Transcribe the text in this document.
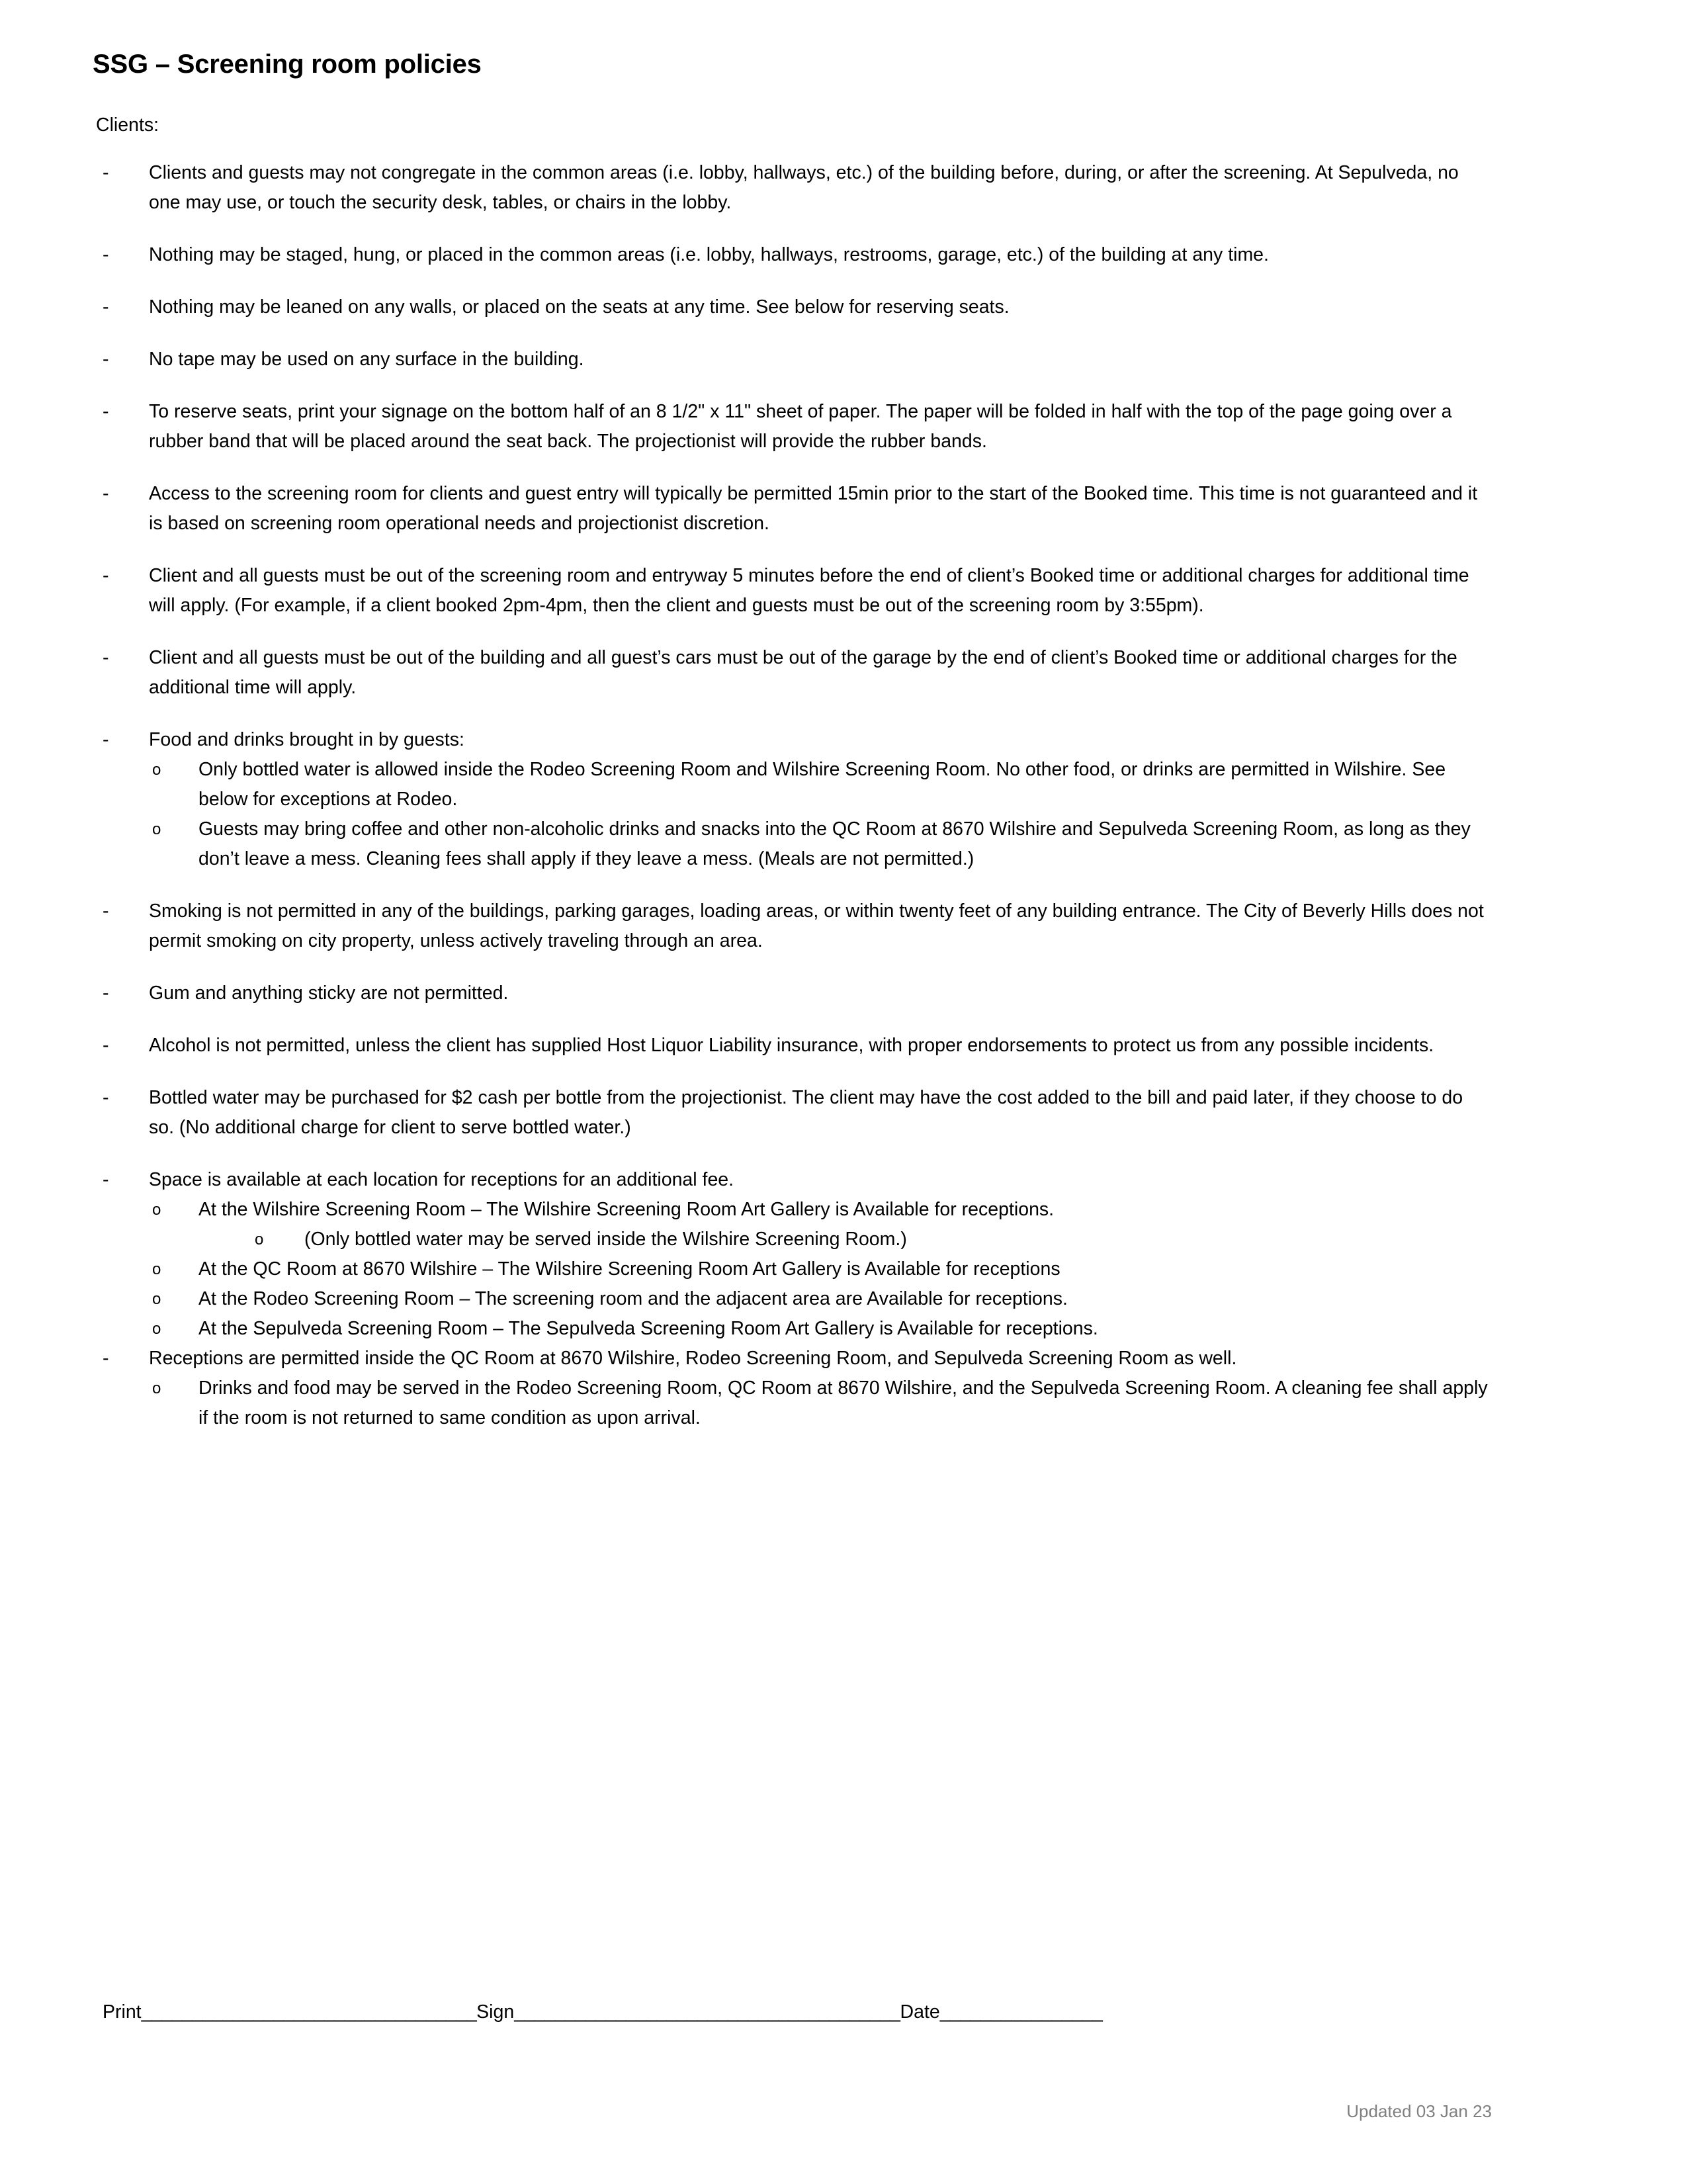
SSG – Screening room policies
Clients:
-	Clients and guests may not congregate in the common areas (i.e. lobby, hallways, etc.) of the building before, during, or after the screening. At Sepulveda, no one may use, or touch the security desk, tables, or chairs in the lobby.
-	Nothing may be staged, hung, or placed in the common areas (i.e. lobby, hallways, restrooms, garage, etc.) of the building at any time.
-	Nothing may be leaned on any walls, or placed on the seats at any time. See below for reserving seats.
-	No tape may be used on any surface in the building.
-	To reserve seats, print your signage on the bottom half of an 8 1/2" x 11" sheet of paper. The paper will be folded in half with the top of the page going over a rubber band that will be placed around the seat back. The projectionist will provide the rubber bands.
-	Access to the screening room for clients and guest entry will typically be permitted 15min prior to the start of the Booked time. This time is not guaranteed and it is based on screening room operational needs and projectionist discretion.
-	Client and all guests must be out of the screening room and entryway 5 minutes before the end of client’s Booked time or additional charges for additional time will apply. (For example, if a client booked 2pm-4pm, then the client and guests must be out of the screening room by 3:55pm).
-	Client and all guests must be out of the building and all guest’s cars must be out of the garage by the end of client’s Booked time or additional charges for the additional time will apply.
-	Food and drinks brought in by guests:
o	Only bottled water is allowed inside the Rodeo Screening Room and Wilshire Screening Room. No other food, or drinks are permitted in Wilshire. See below for exceptions at Rodeo.
o	Guests may bring coffee and other non-alcoholic drinks and snacks into the QC Room at 8670 Wilshire and Sepulveda Screening Room, as long as they don’t leave a mess. Cleaning fees shall apply if they leave a mess. (Meals are not permitted.)
-	Smoking is not permitted in any of the buildings, parking garages, loading areas, or within twenty feet of any building entrance. The City of Beverly Hills does not permit smoking on city property, unless actively traveling through an area.
-	Gum and anything sticky are not permitted.
-	Alcohol is not permitted, unless the client has supplied Host Liquor Liability insurance, with proper endorsements to protect us from any possible incidents.
-	Bottled water may be purchased for $2 cash per bottle from the projectionist. The client may have the cost added to the bill and paid later, if they choose to do so. (No additional charge for client to serve bottled water.)
-	Space is available at each location for receptions for an additional fee.
o	At the Wilshire Screening Room – The Wilshire Screening Room Art Gallery is Available for receptions.
o	(Only bottled water may be served inside the Wilshire Screening Room.)
o	At the QC Room at 8670 Wilshire – The Wilshire Screening Room Art Gallery is Available for receptions
o	At the Rodeo Screening Room – The screening room and the adjacent area are Available for receptions.
o	At the Sepulveda Screening Room – The Sepulveda Screening Room Art Gallery is Available for receptions.
-	Receptions are permitted inside the QC Room at 8670 Wilshire, Rodeo Screening Room, and Sepulveda Screening Room as well.
o	Drinks and food may be served in the Rodeo Screening Room, QC Room at 8670 Wilshire, and the Sepulveda Screening Room. A cleaning fee shall apply if the room is not returned to same condition as upon arrival.
Print_________________________________Sign______________________________________Date________________
Updated 03 Jan 23
